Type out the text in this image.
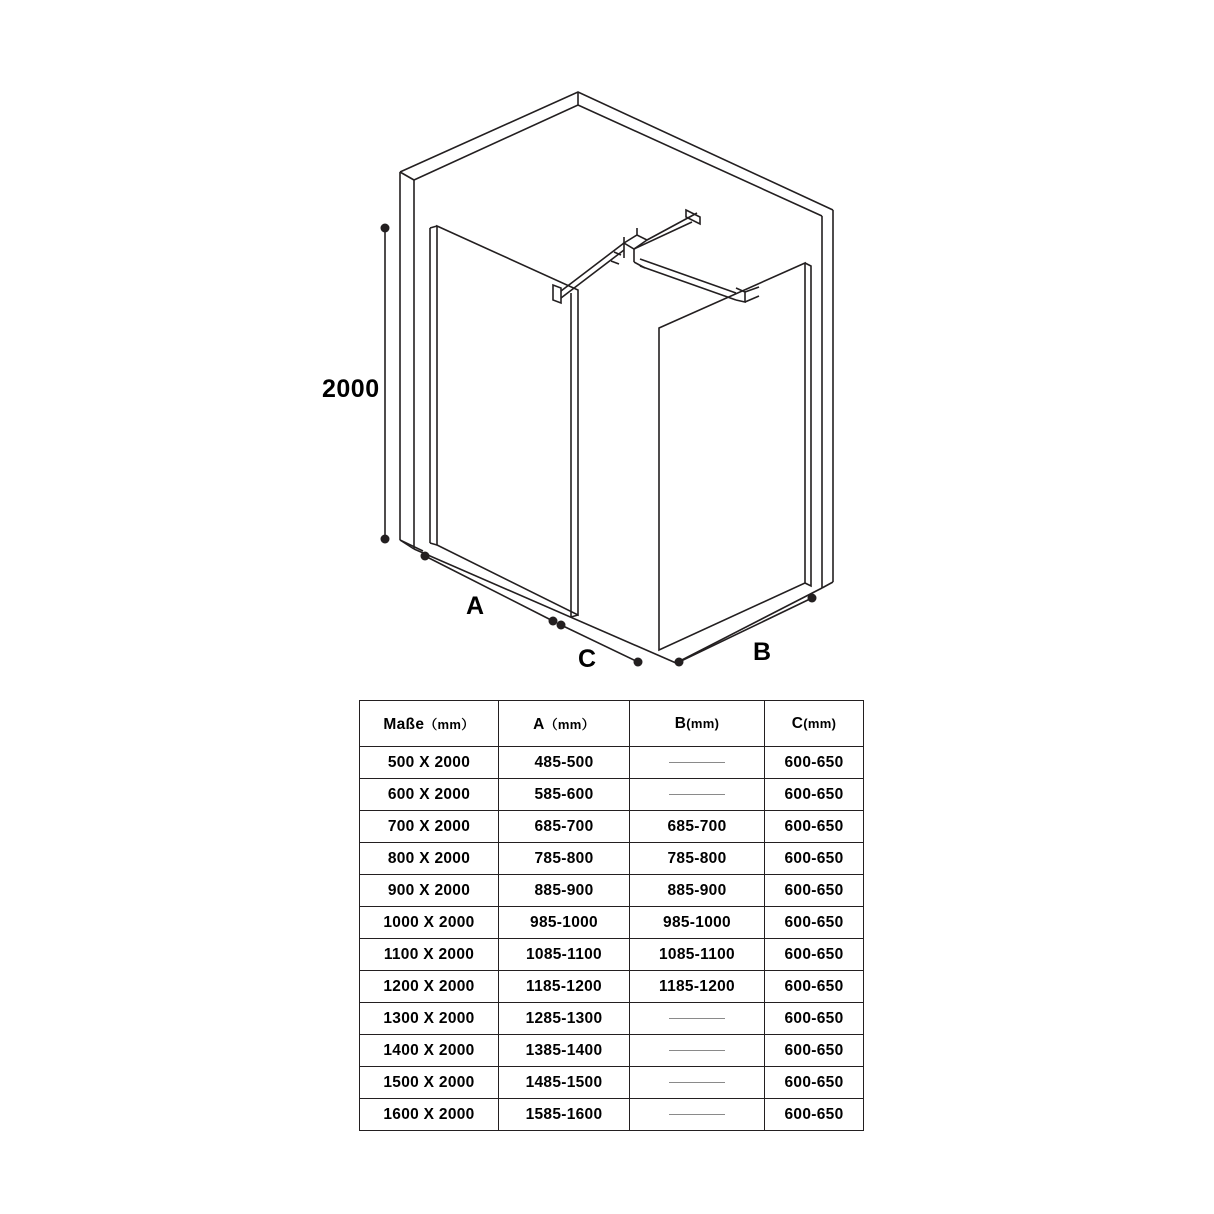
2000
A
B
C
Maße（mm）	A（mm）	B(mm)	C(mm)
500 X 2000	485-500		600-650
600 X 2000	585-600		600-650
700 X 2000	685-700	685-700	600-650
800 X 2000	785-800	785-800	600-650
900 X 2000	885-900	885-900	600-650
1000 X 2000	985-1000	985-1000	600-650
1100 X 2000	1085-1100	1085-1100	600-650
1200 X 2000	1185-1200	1185-1200	600-650
1300 X 2000	1285-1300		600-650
1400 X 2000	1385-1400		600-650
1500 X 2000	1485-1500		600-650
1600 X 2000	1585-1600		600-650
